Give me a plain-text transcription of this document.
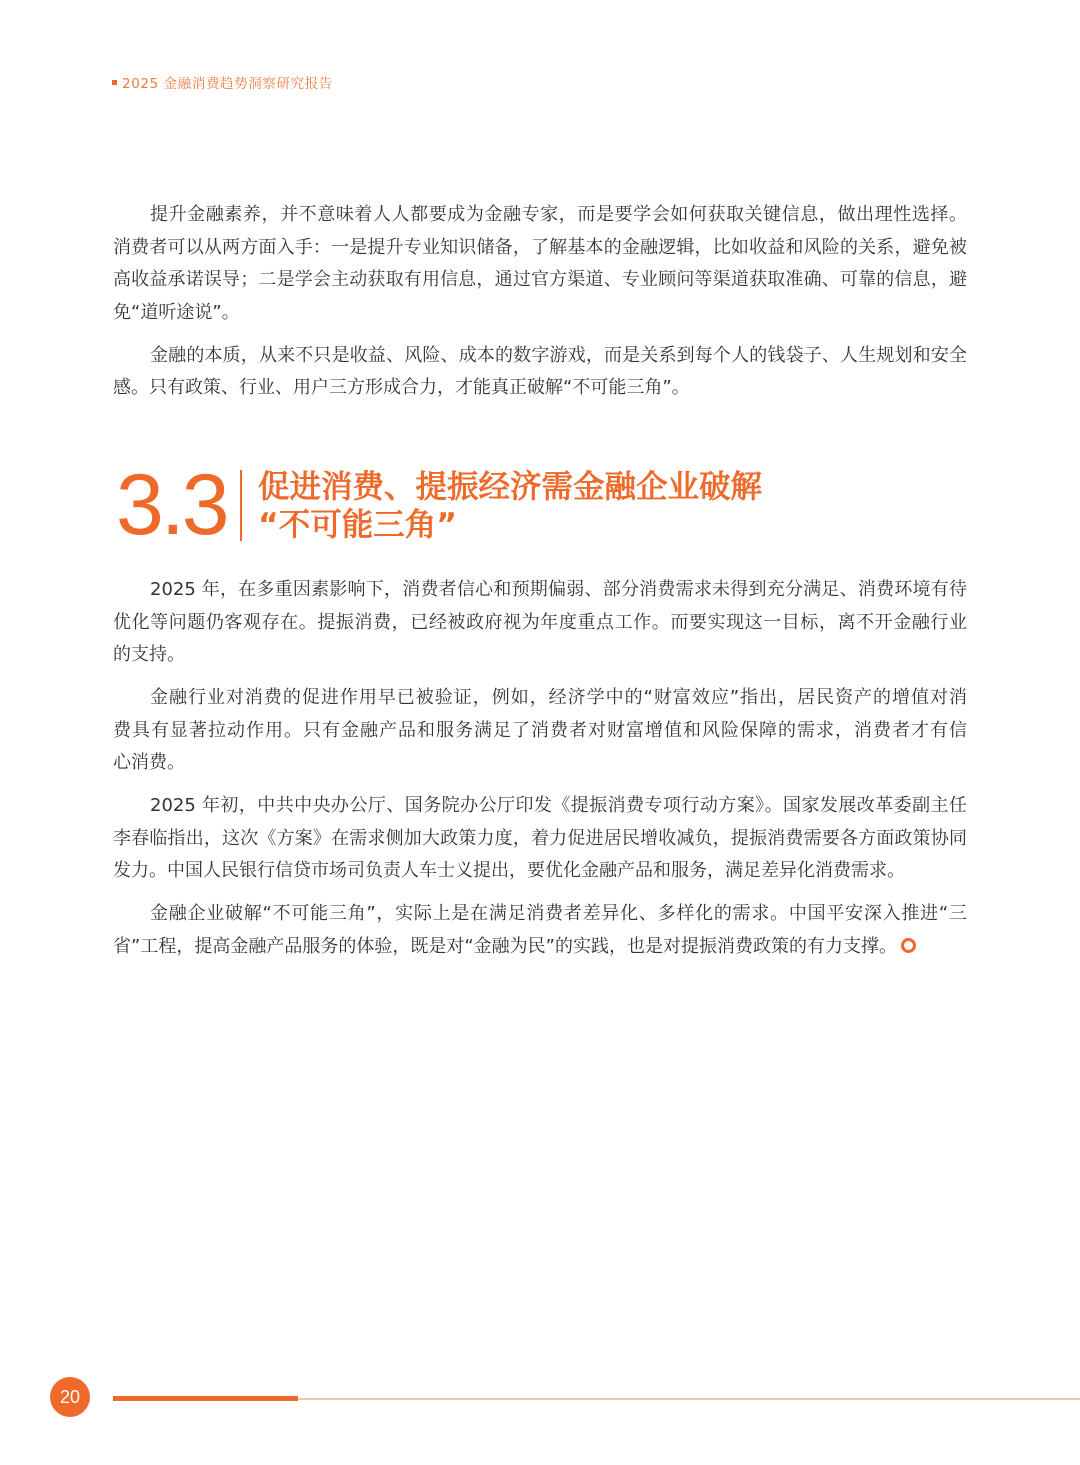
2025 金融消费趋势洞察研究报告
提升金融素养，并不意味着人人都要成为金融专家，而是要学会如何获取关键信息，做出理性选择。
消费者可以从两方面入手：一是提升专业知识储备，了解基本的金融逻辑，比如收益和风险的关系，避免被
高收益承诺误导；二是学会主动获取有用信息，通过官方渠道、专业顾问等渠道获取准确、可靠的信息，避
免“道听途说”。
金融的本质，从来不只是收益、风险、成本的数字游戏，而是关系到每个人的钱袋子、人生规划和安全
感。只有政策、行业、用户三方形成合力，才能真正破解“不可能三角”。
3.3 促进消费、提振经济需金融企业破解
“不可能三角”
2025 年，在多重因素影响下，消费者信心和预期偏弱、部分消费需求未得到充分满足、消费环境有待
优化等问题仍客观存在。提振消费，已经被政府视为年度重点工作。而要实现这一目标，离不开金融行业
的支持。
金融行业对消费的促进作用早已被验证，例如，经济学中的“财富效应”指出，居民资产的增值对消
费具有显著拉动作用。只有金融产品和服务满足了消费者对财富增值和风险保障的需求，消费者才有信
心消费。
2025 年初，中共中央办公厅、国务院办公厅印发《提振消费专项行动方案》。国家发展改革委副主任
李春临指出，这次《方案》在需求侧加大政策力度，着力促进居民增收减负，提振消费需要各方面政策协同
发力。中国人民银行信贷市场司负责人车士义提出，要优化金融产品和服务，满足差异化消费需求。
金融企业破解“不可能三角”，实际上是在满足消费者差异化、多样化的需求。中国平安深入推进“三
省”工程，提高金融产品服务的体验，既是对“金融为民”的实践，也是对提振消费政策的有力支撑。
20
